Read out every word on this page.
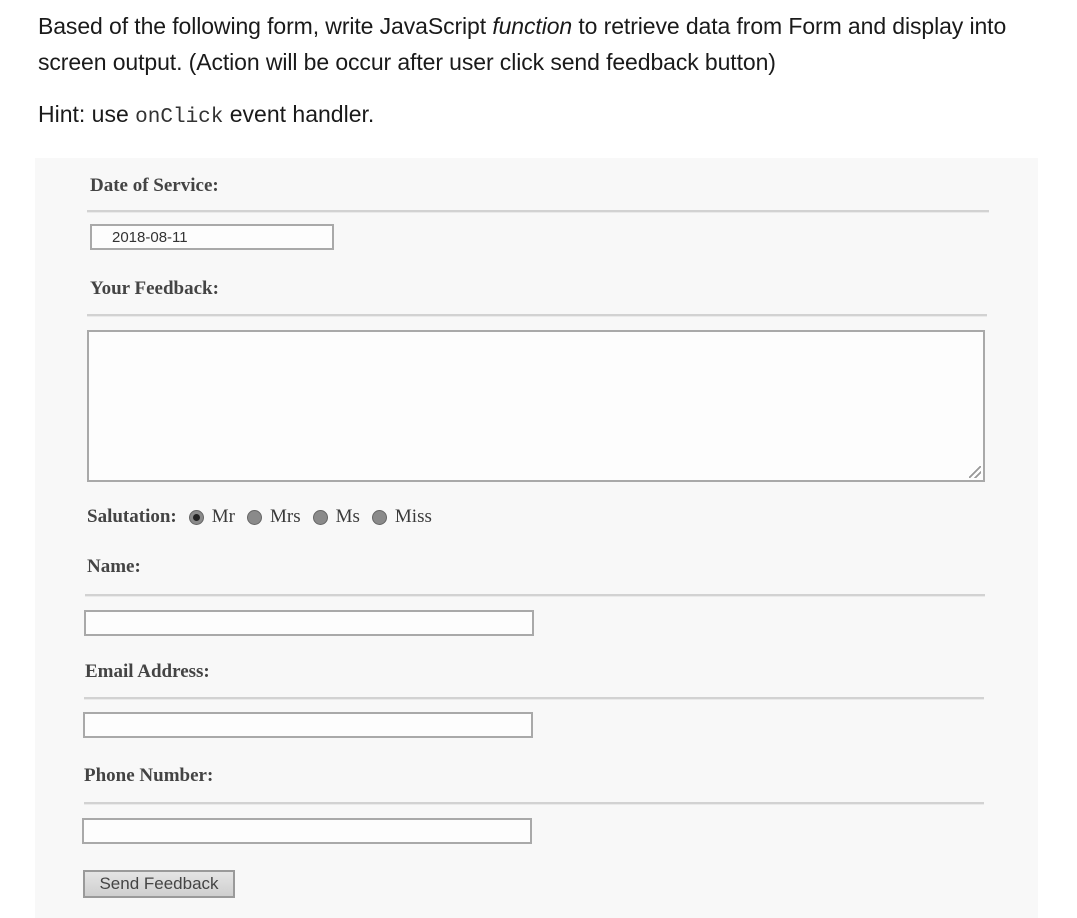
Based of the following form, write JavaScript function to retrieve data from Form and display into screen output. (Action will be occur after user click send feedback button)
Hint: use onClick event handler.
Date of Service:
2018-08-11
Your Feedback:
Salutation: Mr Mrs Ms Miss
Name:
Email Address:
Phone Number:
Send Feedback
